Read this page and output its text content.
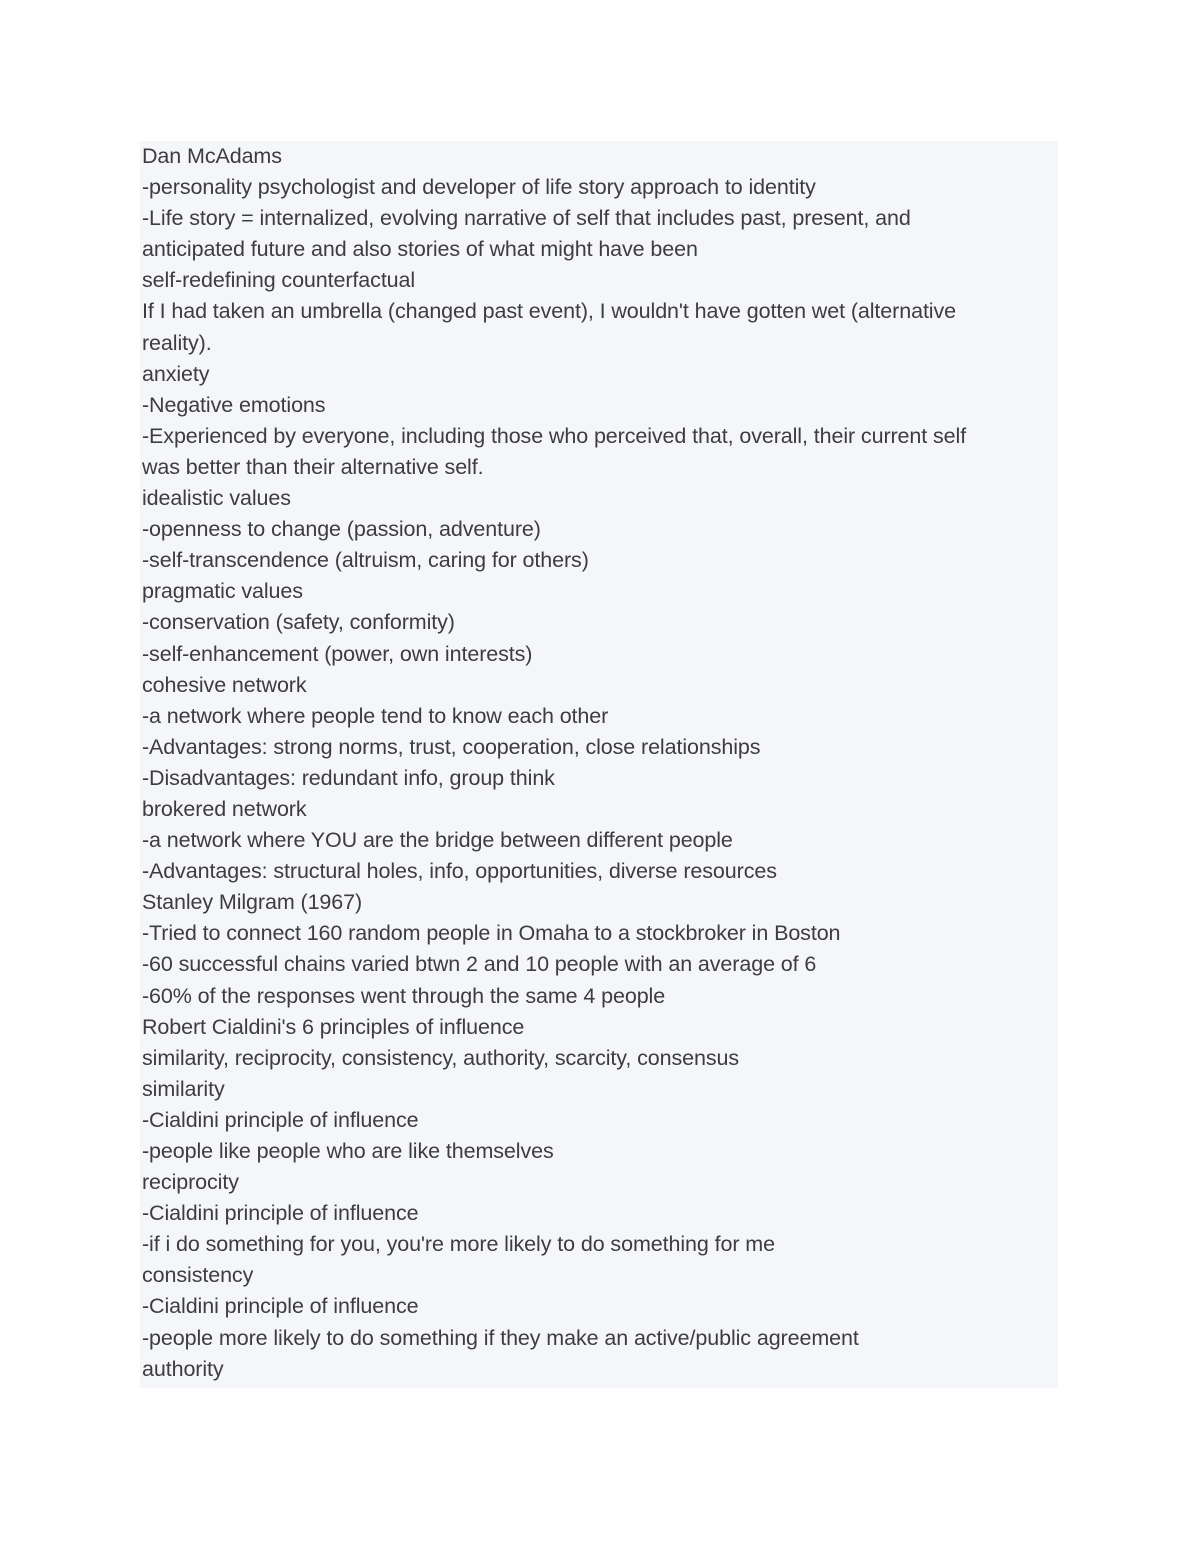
Dan McAdams
-personality psychologist and developer of life story approach to identity
-Life story = internalized, evolving narrative of self that includes past, present, and
anticipated future and also stories of what might have been
self-redefining counterfactual
If I had taken an umbrella (changed past event), I wouldn't have gotten wet (alternative
reality).
anxiety
-Negative emotions
-Experienced by everyone, including those who perceived that, overall, their current self
was better than their alternative self.
idealistic values
-openness to change (passion, adventure)
-self-transcendence (altruism, caring for others)
pragmatic values
-conservation (safety, conformity)
-self-enhancement (power, own interests)
cohesive network
-a network where people tend to know each other
-Advantages: strong norms, trust, cooperation, close relationships
-Disadvantages: redundant info, group think
brokered network
-a network where YOU are the bridge between different people
-Advantages: structural holes, info, opportunities, diverse resources
Stanley Milgram (1967)
-Tried to connect 160 random people in Omaha to a stockbroker in Boston
-60 successful chains varied btwn 2 and 10 people with an average of 6
-60% of the responses went through the same 4 people
Robert Cialdini's 6 principles of influence
similarity, reciprocity, consistency, authority, scarcity, consensus
similarity
-Cialdini principle of influence
-people like people who are like themselves
reciprocity
-Cialdini principle of influence
-if i do something for you, you're more likely to do something for me
consistency
-Cialdini principle of influence
-people more likely to do something if they make an active/public agreement
authority
